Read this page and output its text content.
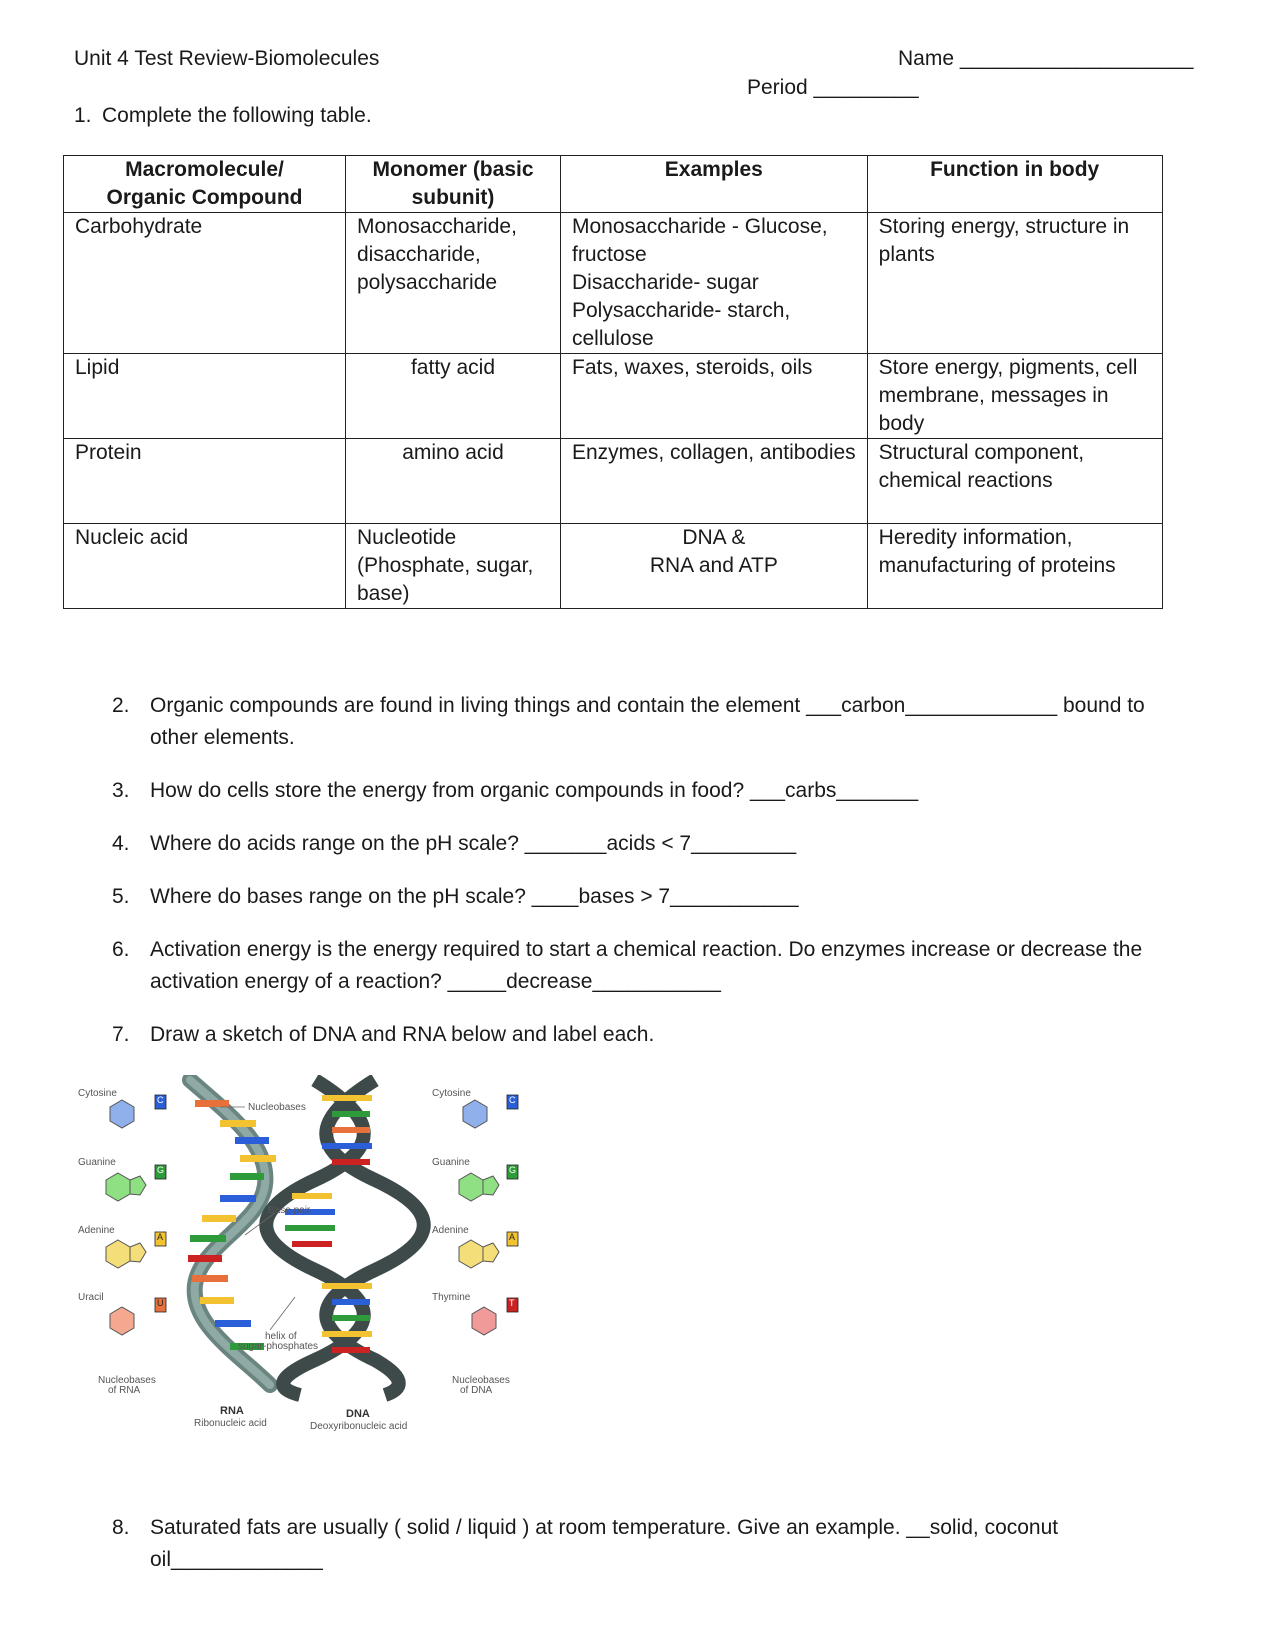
Unit 4 Test Review-Biomolecules	Name ____________________
Period _________
1. Complete the following table.
Macromolecule/
Organic Compound	Monomer (basic
subunit)	Examples	Function in body

Carbohydrate	Monosaccharide,
disaccharide,
polysaccharide	Monosaccharide - Glucose,
fructose
Disaccharide- sugar
Polysaccharide- starch,
cellulose	Storing energy, structure in
plants

Lipid	fatty acid	Fats, waxes, steroids, oils	Store energy, pigments, cell
membrane, messages in
body

Protein	amino acid	Enzymes, collagen, antibodies	Structural component,
chemical reactions

Nucleic acid	Nucleotide
(Phosphate, sugar,
base)	DNA &
RNA and ATP	Heredity information,
manufacturing of proteins
2. Organic compounds are found in living things and contain the element ___carbon_____________ bound to
other elements.
3. How do cells store the energy from organic compounds in food? ___carbs_______
4. Where do acids range on the pH scale? _______acids < 7_________
5. Where do bases range on the pH scale? ____bases > 7___________
6. Activation energy is the energy required to start a chemical reaction. Do enzymes increase or decrease the
activation energy of a reaction? _____decrease___________
7. Draw a sketch of DNA and RNA below and label each.
Cytosine
Guanine
Adenine
Uracil
C
G
A
U
Cytosine
Guanine
Adenine
Thymine
C
G
A
T
Nucleobases
of RNA
Nucleobases
of DNA
Nucleobases
Base pair
helix of
sugar-phosphates
RNA
Ribonucleic acid
DNA
Deoxyribonucleic acid
8. Saturated fats are usually ( solid / liquid ) at room temperature. Give an example. __solid, coconut
oil_____________
